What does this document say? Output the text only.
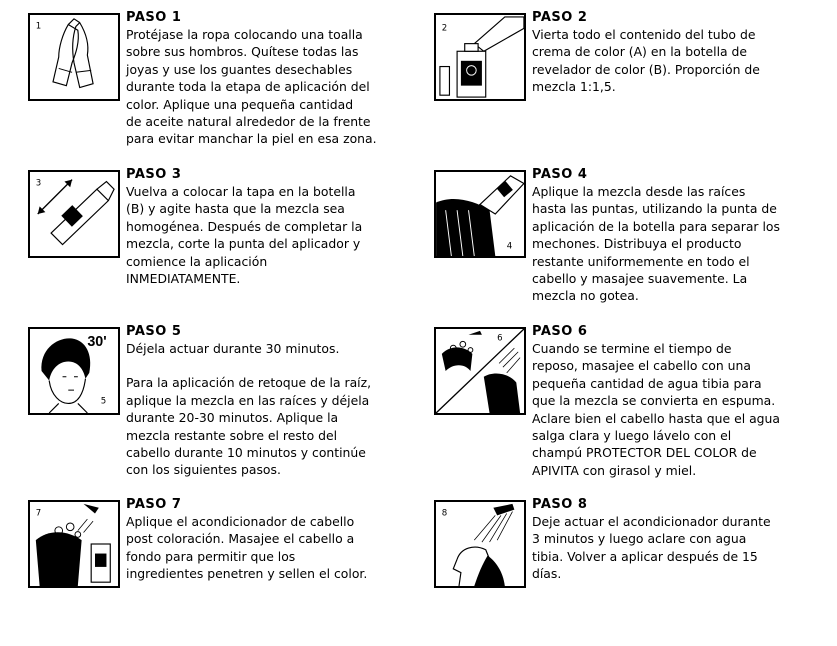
1

PASO 1

Protéjase la ropa colocando una toalla
sobre sus hombros. Quítese todas las
joyas y use los guantes desechables
durante toda la etapa de aplicación del
color. Aplique una pequeña cantidad
de aceite natural alrededor de la frente
para evitar manchar la piel en esa zona.

2

PASO 2

Vierta todo el contenido del tubo de
crema de color (A) en la botella de
revelador de color (B). Proporción de
mezcla 1:1,5.

3

PASO 3

Vuelva a colocar la tapa en la botella
(B) y agite hasta que la mezcla sea
homogénea. Después de completar la
mezcla, corte la punta del aplicador y
comience la aplicación
INMEDIATAMENTE.

4

PASO 4

Aplique la mezcla desde las raíces
hasta las puntas, utilizando la punta de
aplicación de la botella para separar los
mechones. Distribuya el producto
restante uniformemente en todo el
cabello y masajee suavemente. La
mezcla no gotea.

30'
5

PASO 5

Déjela actuar durante 30 minutos.

Para la aplicación de retoque de la raíz,
aplique la mezcla en las raíces y déjela
durante 20-30 minutos. Aplique la
mezcla restante sobre el resto del
cabello durante 10 minutos y continúe
con los siguientes pasos.

6 PASO 6

Cuando se termine el tiempo de
reposo, masajee el cabello con una
pequeña cantidad de agua tibia para
que la mezcla se convierta en espuma.
Aclare bien el cabello hasta que el agua
salga clara y luego lávelo con el
champú PROTECTOR DEL COLOR de
APIVITA con girasol y miel.

7

PASO 7

Aplique el acondicionador de cabello
post coloración. Masajee el cabello a
fondo para permitir que los
ingredientes penetren y sellen el color.

8

PASO 8

Deje actuar el acondicionador durante
3 minutos y luego aclare con agua
tibia. Volver a aplicar después de 15
días.
